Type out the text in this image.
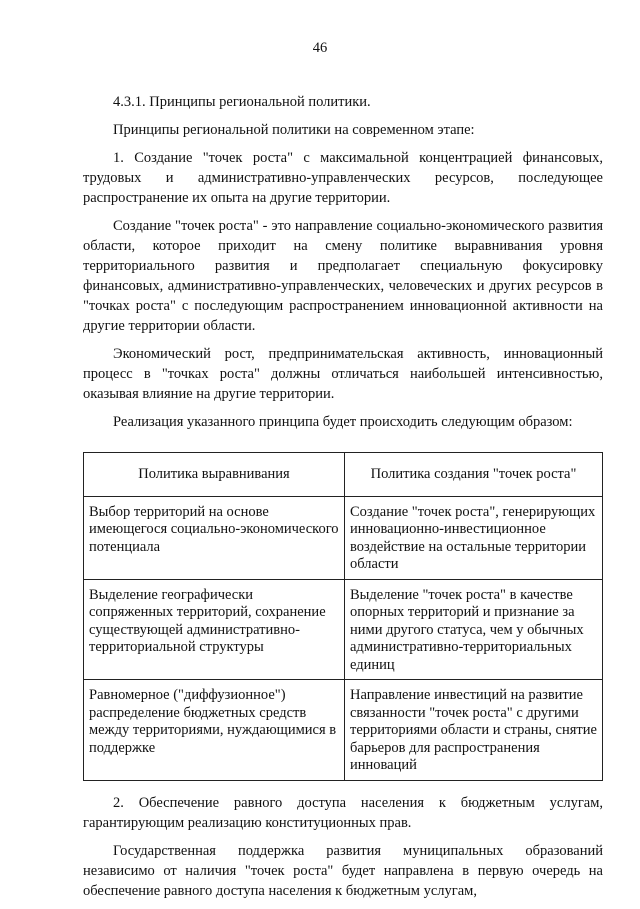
46

4.3.1. Принципы региональной политики.

Принципы региональной политики на современном этапе:

1. Создание "точек роста" с максимальной концентрацией финансовых, трудовых и административно-управленческих ресурсов, последующее распространение их опыта на другие территории.

Создание "точек роста" - это направление социально-экономического развития области, которое приходит на смену политике выравнивания уровня территориального развития и предполагает специальную фокусировку финансовых, административно-управленческих, человеческих и других ресурсов в "точках роста" с последующим распространением инновационной активности на другие территории области.

Экономический рост, предпринимательская активность, инновационный процесс в "точках роста" должны отличаться наибольшей интенсивностью, оказывая влияние на другие территории.

Реализация указанного принципа будет происходить следующим образом:

Политика выравнивания	Политика создания "точек роста"
Выбор территорий на основе имеющегося социально-экономического потенциала	Создание "точек роста", генерирующих инновационно-инвестиционное воздействие на остальные территории области
Выделение географически сопряженных территорий, сохранение существующей административно-территориальной структуры	Выделение "точек роста" в качестве опорных территорий и признание за ними другого статуса, чем у обычных административно-территориальных единиц
Равномерное ("диффузионное") распределение бюджетных средств между территориями, нуждающимися в поддержке	Направление инвестиций на развитие связанности "точек роста" с другими территориями области и страны, снятие барьеров для распространения инноваций

2. Обеспечение равного доступа населения к бюджетным услугам, гарантирующим реализацию конституционных прав.

Государственная поддержка развития муниципальных образований независимо от наличия "точек роста" будет направлена в первую очередь на обеспечение равного доступа населения к бюджетным услугам,
